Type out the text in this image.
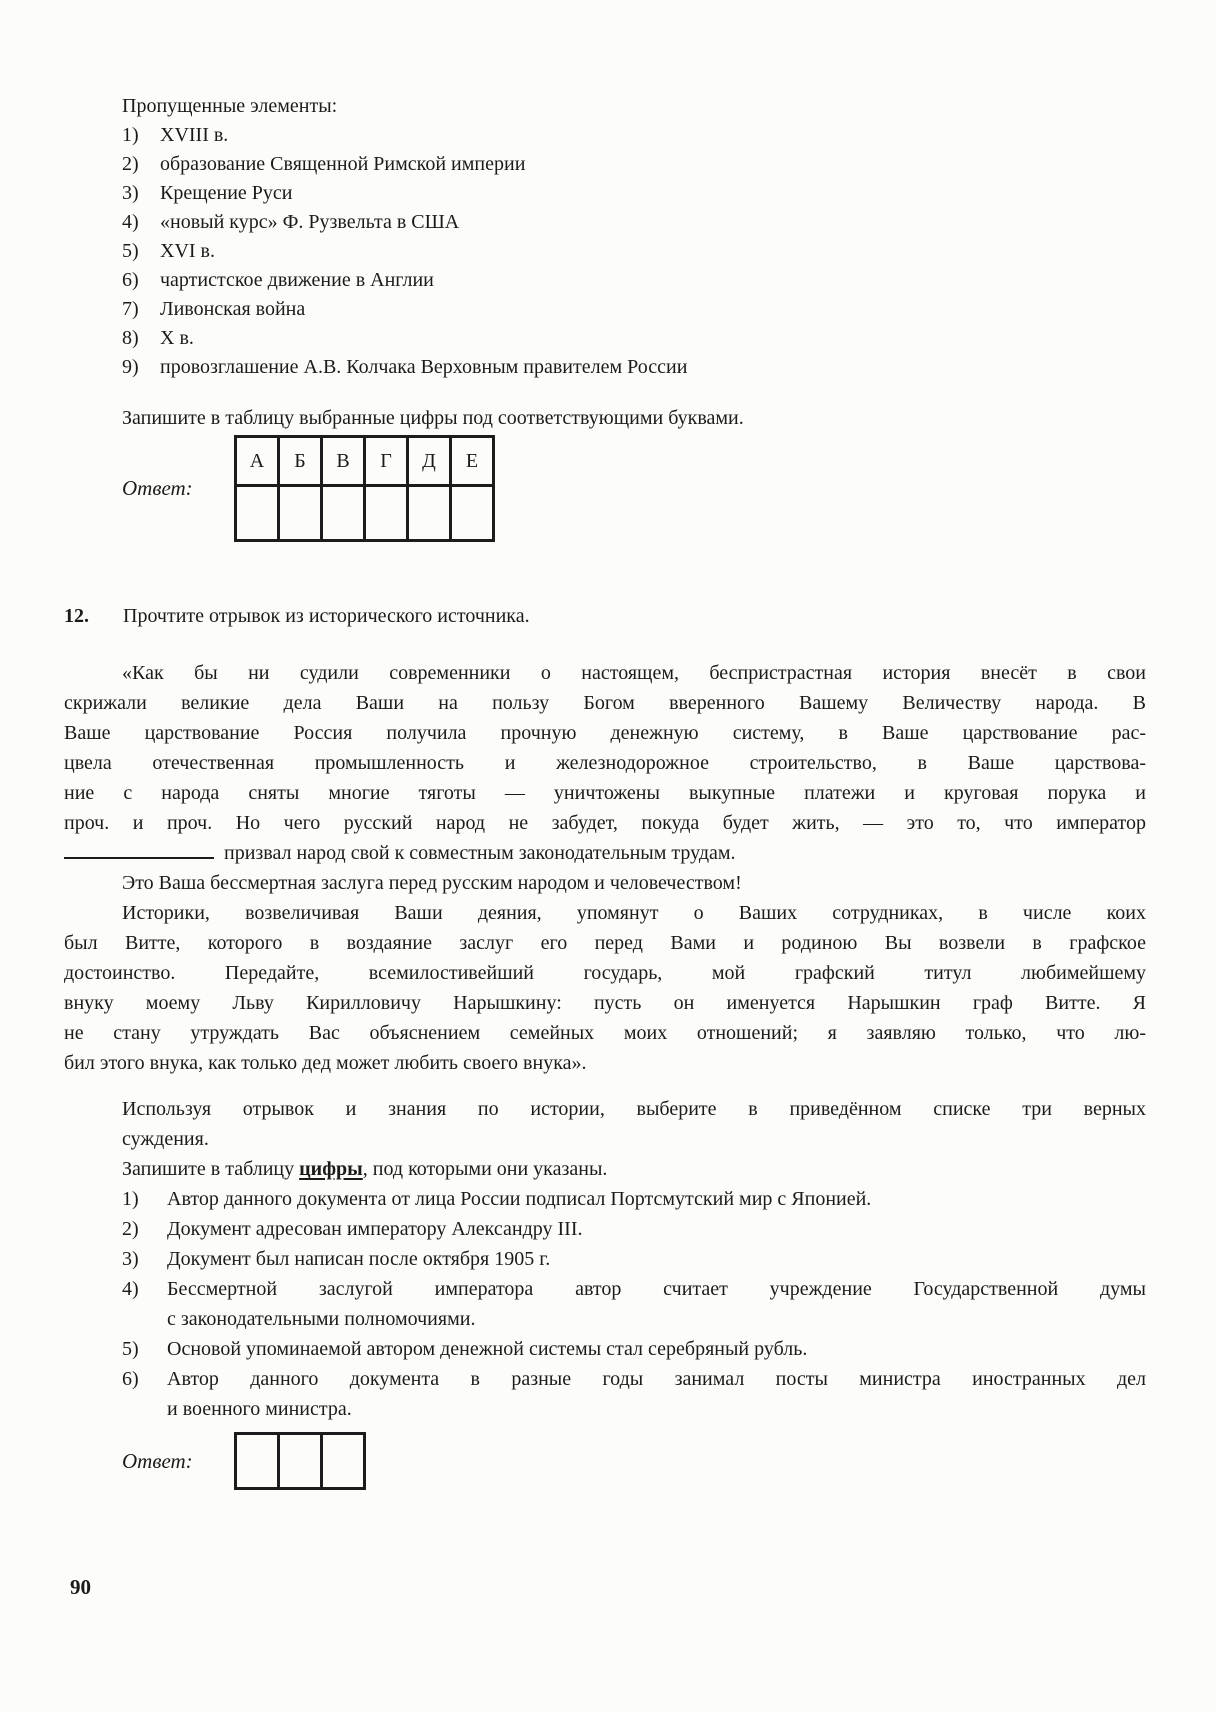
Пропущенные элементы:
1)	XVIII в.
2)	образование Священной Римской империи
3)	Крещение Руси
4)	«новый курс» Ф. Рузвельта в США
5)	XVI в.
6)	чартистское движение в Англии
7)	Ливонская война
8)	X в.
9)	провозглашение А.В. Колчака Верховным правителем России
Запишите в таблицу выбранные цифры под соответствующими буквами.
Ответ:
А	Б	В	Г	Д	Е

12.	Прочтите отрывок из исторического источника.
«Как бы ни судили современники о настоящем, беспристрастная история внесёт в свои
скрижали великие дела Ваши на пользу Богом вверенного Вашему Величеству народа. В
Ваше царствование Россия получила прочную денежную систему, в Ваше царствование рас-
цвела отечественная промышленность и железнодорожное строительство, в Ваше царствова-
ние с народа сняты многие тяготы — уничтожены выкупные платежи и круговая порука и
проч. и проч. Но чего русский народ не забудет, покуда будет жить, — это то, что император
призвал народ свой к совместным законодательным трудам.
Это Ваша бессмертная заслуга перед русским народом и человечеством!
Историки, возвеличивая Ваши деяния, упомянут о Ваших сотрудниках, в числе коих
был Витте, которого в воздаяние заслуг его перед Вами и родиною Вы возвели в графское
достоинство. Передайте, всемилостивейший государь, мой графский титул любимейшему
внуку моему Льву Кирилловичу Нарышкину: пусть он именуется Нарышкин граф Витте. Я
не стану утруждать Вас объяснением семейных моих отношений; я заявляю только, что лю-
бил этого внука, как только дед может любить своего внука».
Используя отрывок и знания по истории, выберите в приведённом списке три верных
суждения.
Запишите в таблицу цифры, под которыми они указаны.
1)	Автор данного документа от лица России подписал Портсмутский мир с Японией.
2)	Документ адресован императору Александру III.
3)	Документ был написан после октября 1905 г.
4)	Бессмертной заслугой императора автор считает учреждение Государственной думы
с законодательными полномочиями.
5)	Основой упоминаемой автором денежной системы стал серебряный рубль.
6)	Автор данного документа в разные годы занимал посты министра иностранных дел
и военного министра.
Ответ:

90
